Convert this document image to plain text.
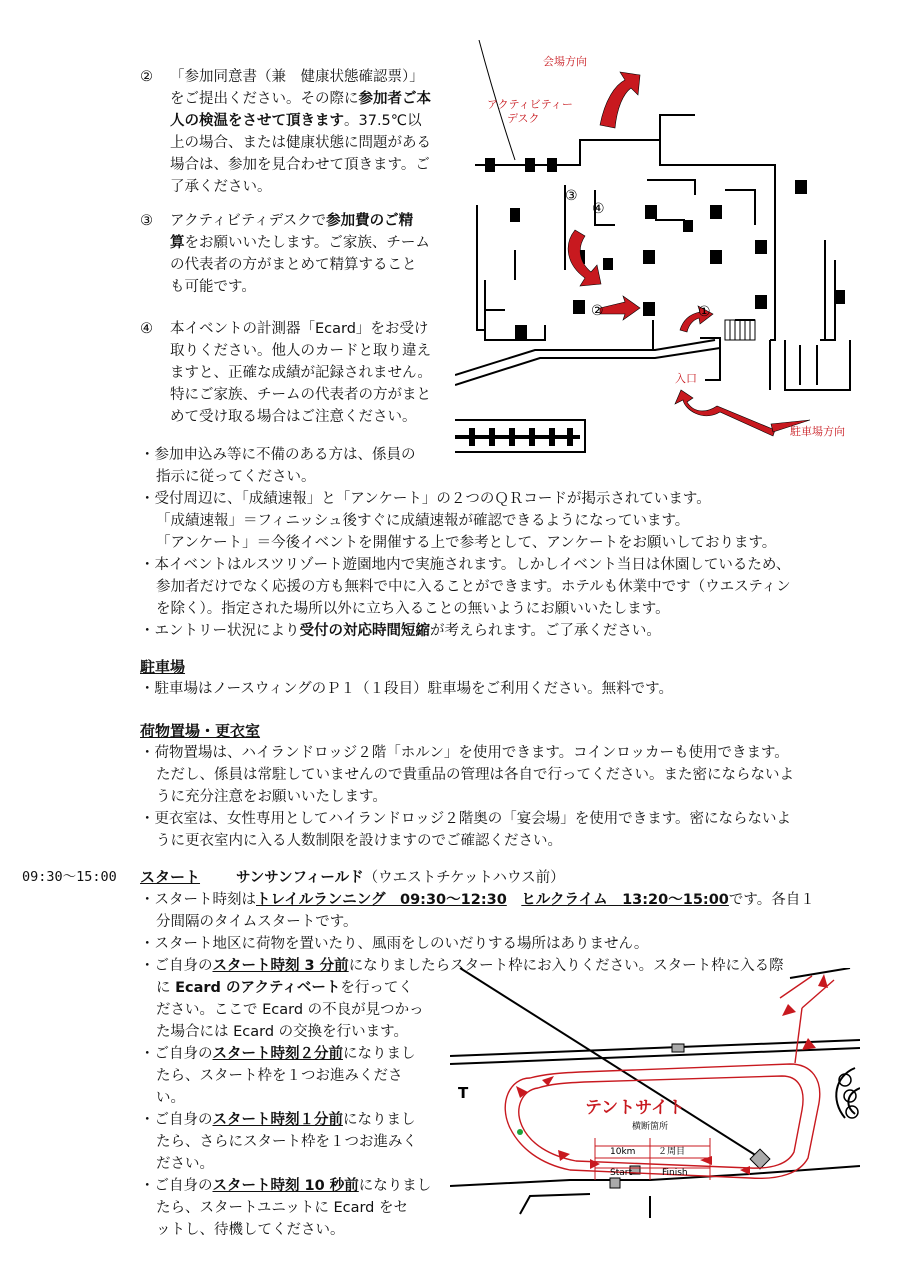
② 「参加同意書（兼　健康状態確認票）」
をご提出ください。その際に参加者ご本
人の検温をさせて頂きます。37.5℃以
上の場合、または健康状態に問題がある
場合は、参加を見合わせて頂きます。ご
了承ください。
③ アクティビティデスクで参加費のご精
算をお願いいたします。ご家族、チーム
の代表者の方がまとめて精算すること
も可能です。
④ 本イベントの計測器「Ecard」をお受け
取りください。他人のカードと取り違え
ますと、正確な成績が記録されません。
特にご家族、チームの代表者の方がまと
めて受け取る場合はご注意ください。
③
④
②	①
会場方向
アクティビティー
デスク
入口
駐車場方向
・参加申込み等に不備のある方は、係員の
指示に従ってください。
・受付周辺に、「成績速報」と「アンケート」の２つのＱＲコードが掲示されています。
「成績速報」＝フィニッシュ後すぐに成績速報が確認できるようになっています。
「アンケート」＝今後イベントを開催する上で参考として、アンケートをお願いしております。
・本イベントはルスツリゾート遊園地内で実施されます。しかしイベント当日は休園しているため、
参加者だけでなく応援の方も無料で中に入ることができます。ホテルも休業中です（ウエスティン
を除く）。指定された場所以外に立ち入ることの無いようにお願いいたします。
・エントリー状況により受付の対応時間短縮が考えられます。ご了承ください。
駐車場
・駐車場はノースウィングのＰ１（１段目）駐車場をご利用ください。無料です。
荷物置場・更衣室
・荷物置場は、ハイランドロッジ２階「ホルン」を使用できます。コインロッカーも使用できます。
ただし、係員は常駐していませんので貴重品の管理は各自で行ってください。また密にならないよ
うに充分注意をお願いいたします。
・更衣室は、女性専用としてハイランドロッジ２階奥の「宴会場」を使用できます。密にならないよ
うに更衣室内に入る人数制限を設けますのでご確認ください。
09:30～15:00 スタート サンサンフィールド（ウエストチケットハウス前）
・スタート時刻はトレイルランニング　09:30～12:30　 ヒルクライム　13:20～15:00です。各自１
分間隔のタイムスタートです。
・スタート地区に荷物を置いたり、風雨をしのいだりする場所はありません。
・ご自身のスタート時刻 3 分前になりましたらスタート枠にお入りください。スタート枠に入る際
に Ecard のアクティベートを行ってく
ださい。ここで Ecard の不良が見つかっ
た場合には Ecard の交換を行います。
・ご自身のスタート時刻２分前になりまし
たら、スタート枠を１つお進みくださ
い。
・ご自身のスタート時刻１分前になりまし
たら、さらにスタート枠を１つお進みく
ださい。
・ご自身のスタート時刻 10 秒前になりまし
たら、スタートユニットに Ecard をセ
ットし、待機してください。
T
テントサイト
横断箇所
10km	２周目
Start	Finish
